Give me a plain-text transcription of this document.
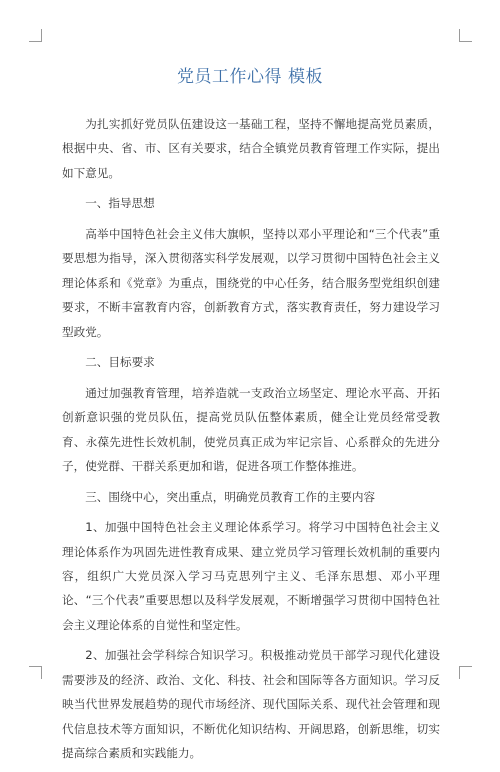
党员工作心得 模板

为扎实抓好党员队伍建设这一基础工程，坚持不懈地提高党员素质，根据中央、省、市、区有关要求，结合全镇党员教育管理工作实际，提出如下意见。

一、指导思想

高举中国特色社会主义伟大旗帜，坚持以邓小平理论和“三个代表”重要思想为指导，深入贯彻落实科学发展观，以学习贯彻中国特色社会主义理论体系和《党章》为重点，围绕党的中心任务，结合服务型党组织创建要求，不断丰富教育内容，创新教育方式，落实教育责任，努力建设学习型政党。

二、目标要求

通过加强教育管理，培养造就一支政治立场坚定、理论水平高、开拓创新意识强的党员队伍，提高党员队伍整体素质，健全让党员经常受教育、永葆先进性长效机制，使党员真正成为牢记宗旨、心系群众的先进分子，使党群、干群关系更加和谐，促进各项工作整体推进。

三、围绕中心，突出重点，明确党员教育工作的主要内容

1、加强中国特色社会主义理论体系学习。将学习中国特色社会主义理论体系作为巩固先进性教育成果、建立党员学习管理长效机制的重要内容，组织广大党员深入学习马克思列宁主义、毛泽东思想、邓小平理论、“三个代表”重要思想以及科学发展观，不断增强学习贯彻中国特色社会主义理论体系的自觉性和坚定性。

2、加强社会学科综合知识学习。积极推动党员干部学习现代化建设需要涉及的经济、政治、文化、科技、社会和国际等各方面知识。学习反映当代世界发展趋势的现代市场经济、现代国际关系、现代社会管理和现代信息技术等方面知识，不断优化知识结构、开阔思路，创新思维，切实提高综合素质和实践能力。
